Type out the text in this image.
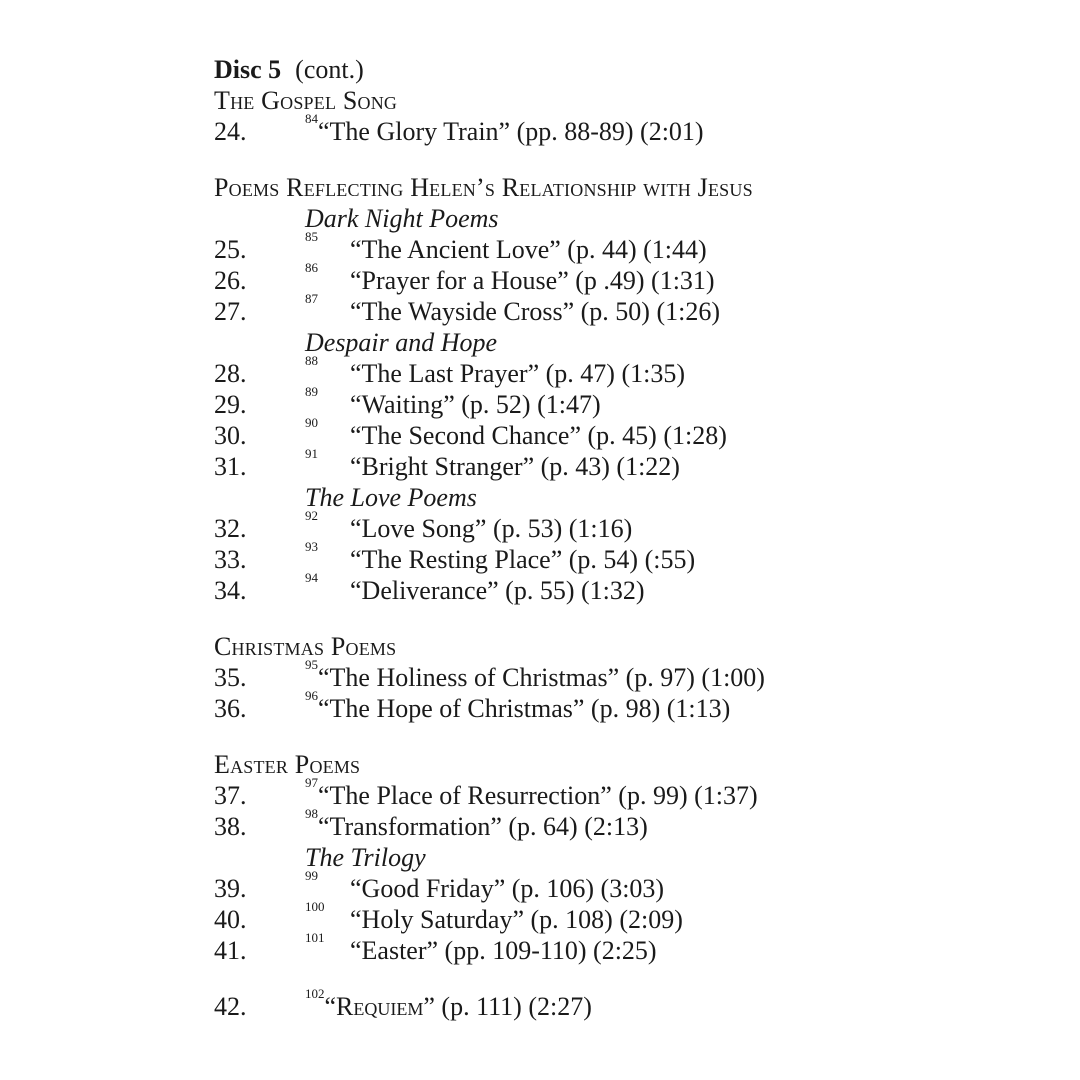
Disc 5 (cont.)
The Gospel Song
24.	$^{84}$“The Glory Train” (pp. 88-89) (2:01)
Poems Reflecting Helen’s Relationship with Jesus
Dark Night Poems
25.	85 “The Ancient Love” (p. 44) (1:44)
26.	86 “Prayer for a House” (p .49) (1:31)
27.	87 “The Wayside Cross” (p. 50) (1:26)
Despair and Hope
28.	88 “The Last Prayer” (p. 47) (1:35)
29.	89 “Waiting” (p. 52) (1:47)
30.	90 “The Second Chance” (p. 45) (1:28)
31.	91 “Bright Stranger” (p. 43) (1:22)
The Love Poems
32.	92 “Love Song” (p. 53) (1:16)
33.	93 “The Resting Place” (p. 54) (:55)
34.	94 “Deliverance” (p. 55) (1:32)
Christmas Poems
35.	$^{95}$“The Holiness of Christmas” (p. 97) (1:00)
36.	$^{96}$“The Hope of Christmas” (p. 98) (1:13)
Easter Poems
37.	$^{97}$“The Place of Resurrection” (p. 99) (1:37)
38.	$^{98}$“Transformation” (p. 64) (2:13)
The Trilogy
39.	99 “Good Friday” (p. 106) (3:03)
40.	100 “Holy Saturday” (p. 108) (2:09)
41.	101 “Easter” (pp. 109-110) (2:25)
42.	$^{102}$“Requiem” (p. 111) (2:27)
